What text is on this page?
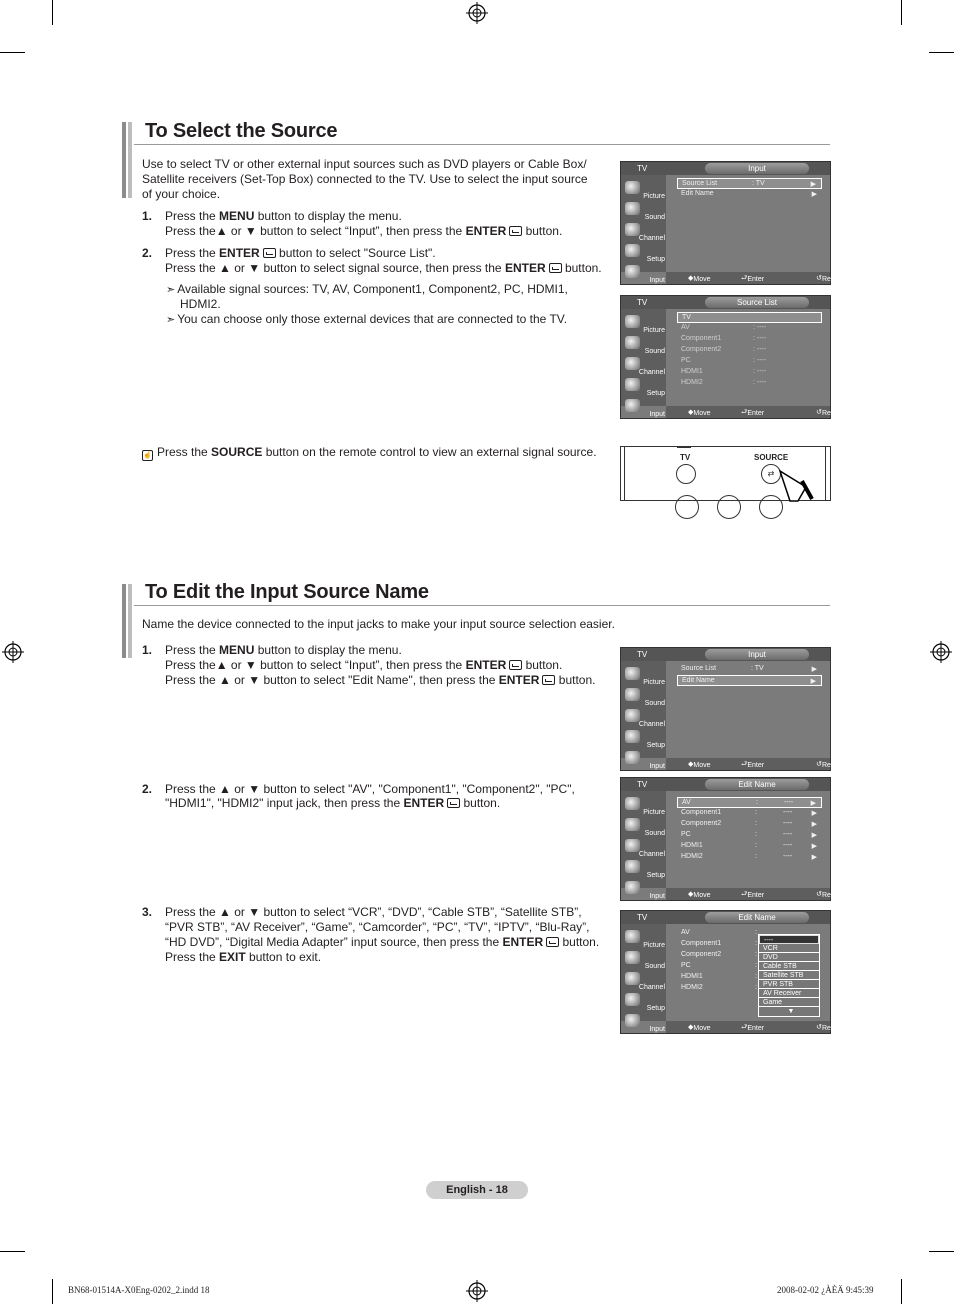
To Select the Source
Use to select TV or other external input sources such as DVD players or Cable Box/
Satellite receivers (Set-Top Box) connected to the TV. Use to select the input source
of your choice.
1. Press the MENU button to display the menu.
Press the▲ or ▼ button to select “Input”, then press the ENTER button.
2. Press the ENTER button to select "Source List".
Press the ▲ or ▼ button to select signal source, then press the ENTER button.
➣ Available signal sources: TV, AV, Component1, Component2, PC, HDMI1,
HDMI2.
➣ You can choose only those external devices that are connected to the TV.
☝ Press the SOURCE button on the remote control to view an external signal source.
TV	Input
Picture
Sound
Channel
Setup
Input
Source List	: TV	▶
Edit Name	▶
◆ Move	⮐ Enter	↺ Return
TV	Source List
Picture
Sound
Channel
Setup
Input
TV
AV	: ----
Component1	: ----
Component2	: ----
PC	: ----
HDMI1	: ----
HDMI2	: ----
◆ Move	⮐ Enter	↺ Return
TV	SOURCE
⇄
To Edit the Input Source Name
Name the device connected to the input jacks to make your input source selection easier.
1. Press the MENU button to display the menu.
Press the▲ or ▼ button to select “Input”, then press the ENTER button.
Press the ▲ or ▼ button to select "Edit Name", then press the ENTER button.
2. Press the ▲ or ▼ button to select "AV", "Component1", "Component2", "PC",
"HDMI1", "HDMI2" input jack, then press the ENTER button.
3. Press the ▲ or ▼ button to select “VCR”, “DVD”, “Cable STB”, “Satellite STB”,
“PVR STB”, “AV Receiver”, “Game”, “Camcorder”, “PC”, “TV”, “IPTV”, “Blu-Ray”,
“HD DVD”, “Digital Media Adapter” input source, then press the ENTER button.
Press the EXIT button to exit.
TV	Input
Picture
Sound
Channel
Setup
Input
Source List	: TV	▶
Edit Name	▶
◆ Move	⮐ Enter	↺ Return
TV	Edit Name
Picture
Sound
Channel
Setup
Input
AV	:	---- ▶
Component1	:	----	▶
Component2	:	----	▶
PC	:	----	▶
HDMI1	:	----	▶
HDMI2	:	----	▶
◆ Move	⮐ Enter	↺ Return
TV	Edit Name
Picture
Sound
Channel
Setup
Input
AV	:
Component1	:
Component2	:
PC	:
HDMI1	:
HDMI2	:
----
VCR
DVD
Cable STB
Satellite STB
PVR STB
AV Receiver
Game
▼
◆ Move	⮐ Enter	↺ Return
English - 18
BN68-01514A-X0Eng-0202_2.indd 18	2008-02-02 ¿ÀÈÄ 9:45:39
